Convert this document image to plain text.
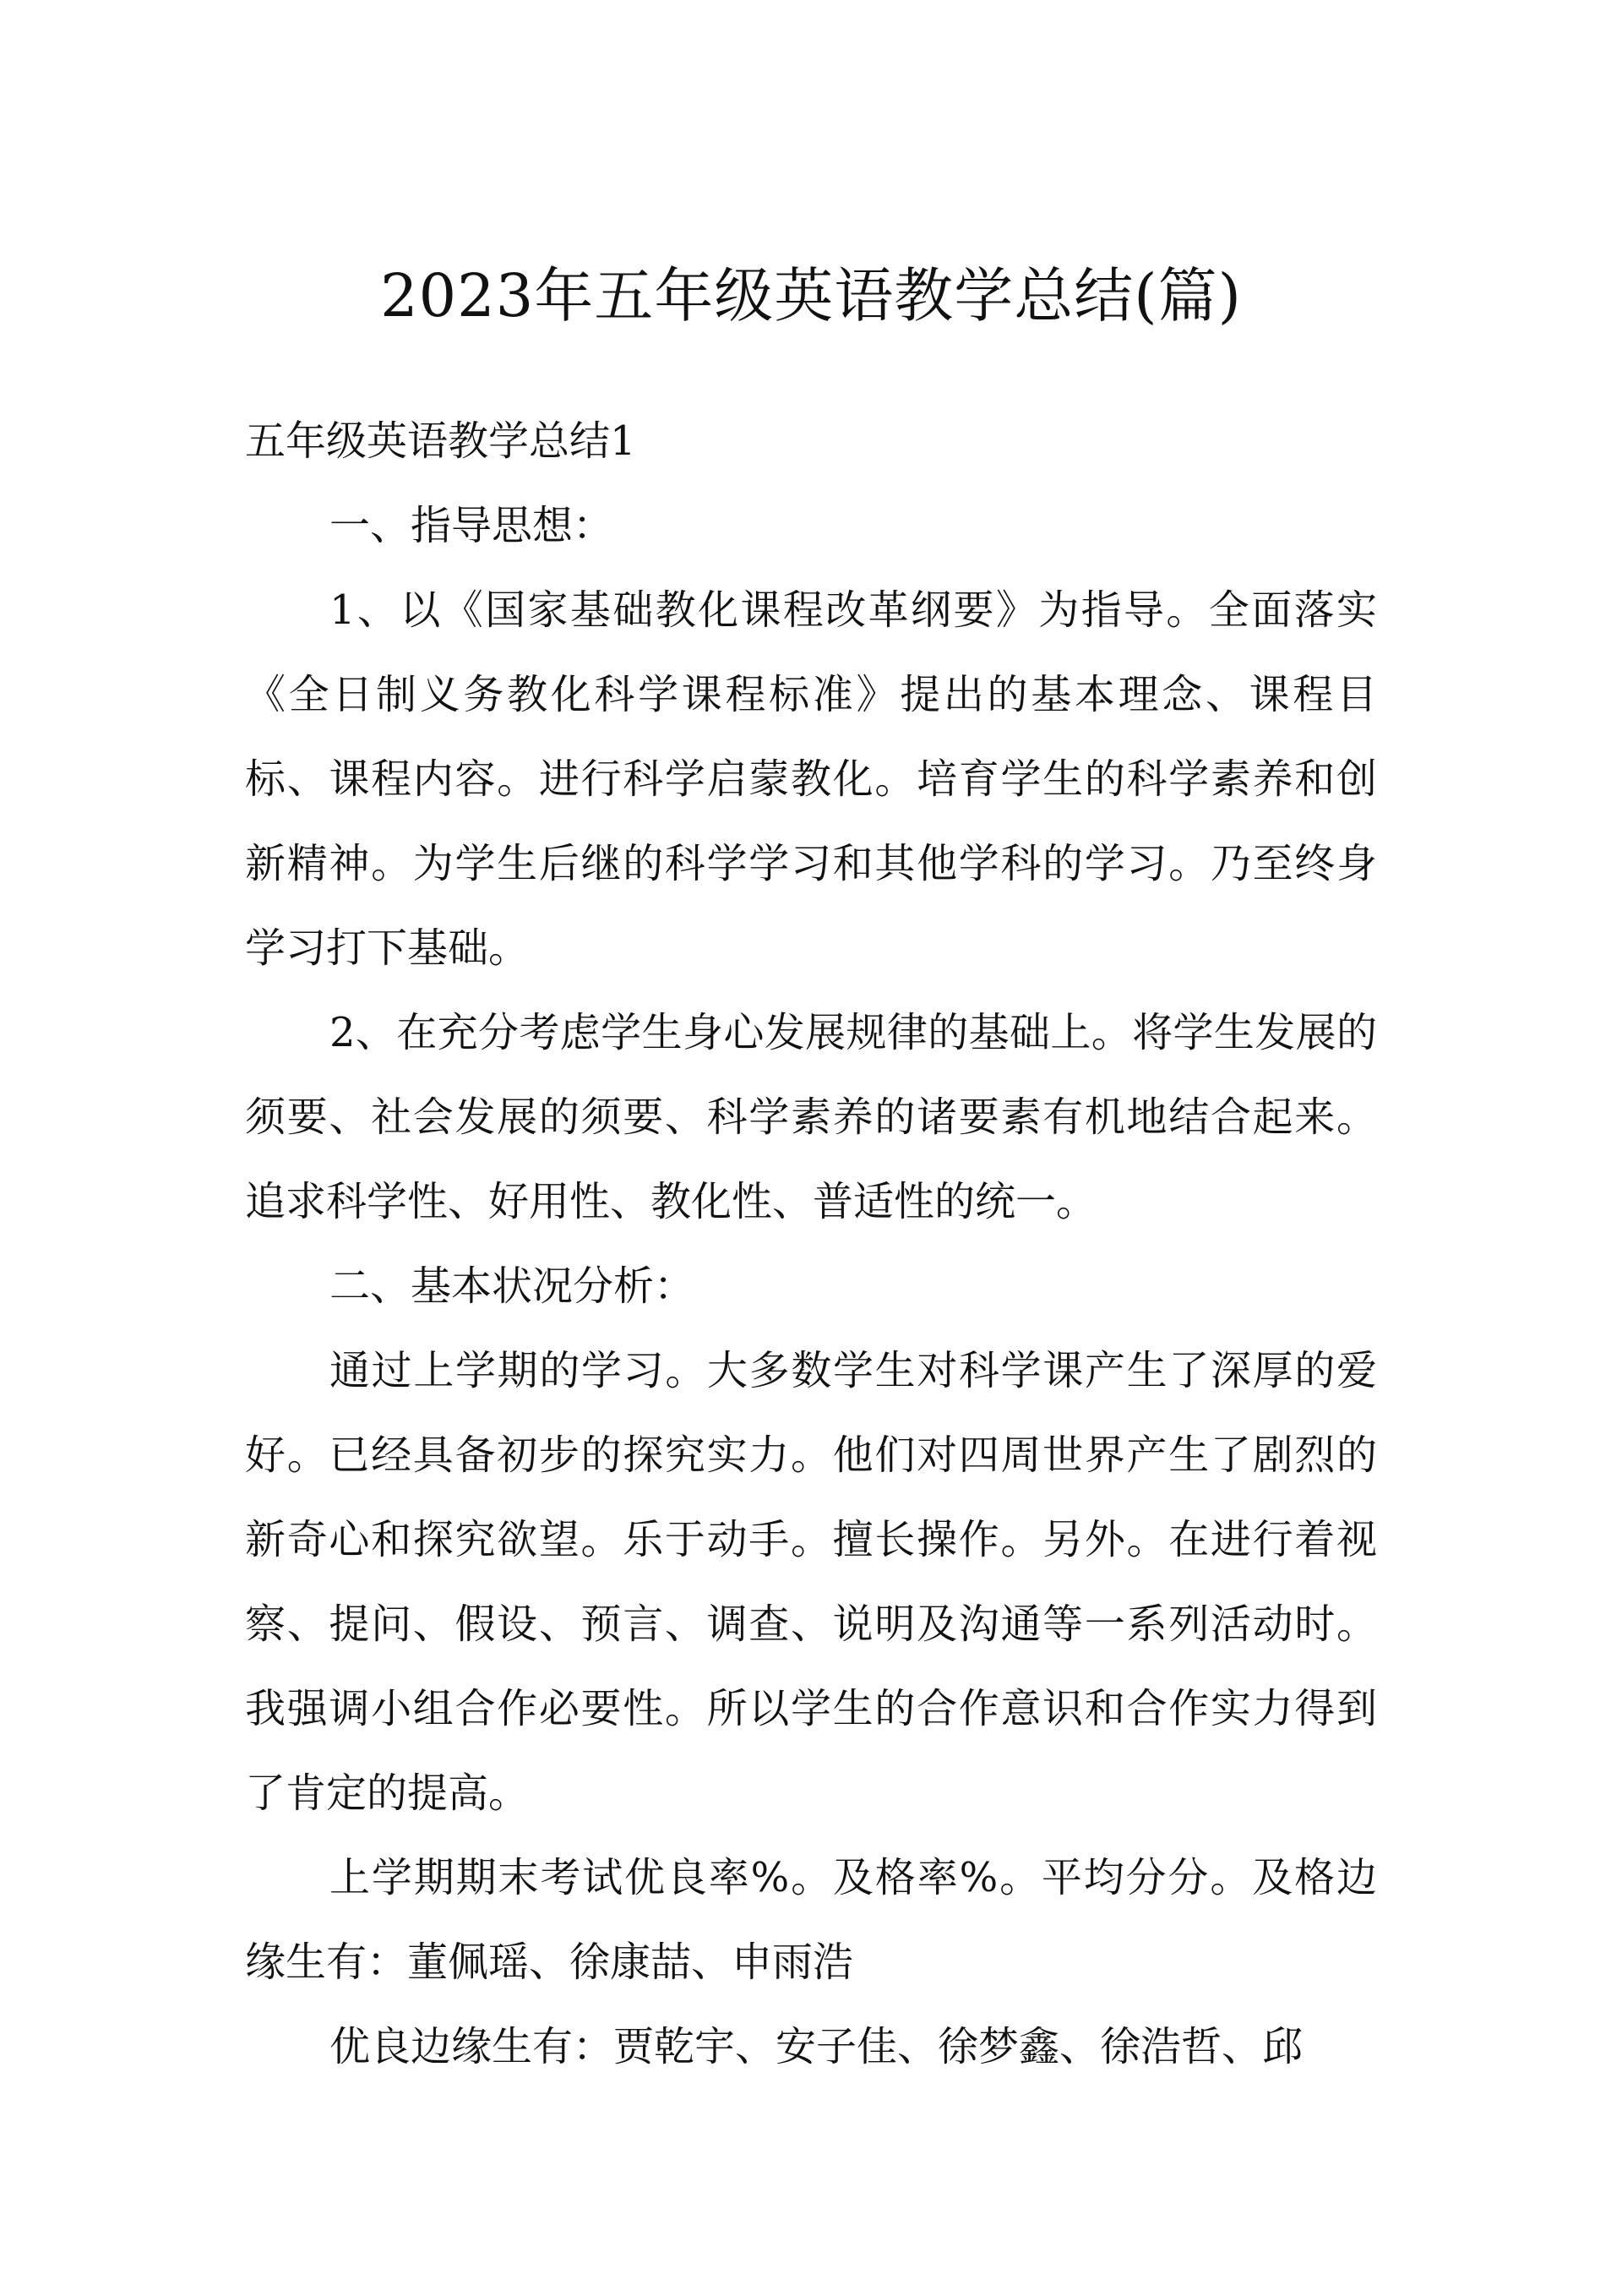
2023年五年级英语教学总结(篇)

五年级英语教学总结1

一、指导思想：

1、以《国家基础教化课程改革纲要》为指导。全面落实《全日制义务教化科学课程标准》提出的基本理念、课程目标、课程内容。进行科学启蒙教化。培育学生的科学素养和创新精神。为学生后继的科学学习和其他学科的学习。乃至终身学习打下基础。

2、在充分考虑学生身心发展规律的基础上。将学生发展的须要、社会发展的须要、科学素养的诸要素有机地结合起来。追求科学性、好用性、教化性、普适性的统一。

二、基本状况分析：

通过上学期的学习。大多数学生对科学课产生了深厚的爱好。已经具备初步的探究实力。他们对四周世界产生了剧烈的新奇心和探究欲望。乐于动手。擅长操作。另外。在进行着视察、提问、假设、预言、调查、说明及沟通等一系列活动时。我强调小组合作必要性。所以学生的合作意识和合作实力得到了肯定的提高。

上学期期末考试优良率%。及格率%。平均分分。及格边缘生有：董佩瑶、徐康喆、申雨浩

优良边缘生有：贾乾宇、安子佳、徐梦鑫、徐浩哲、邱
